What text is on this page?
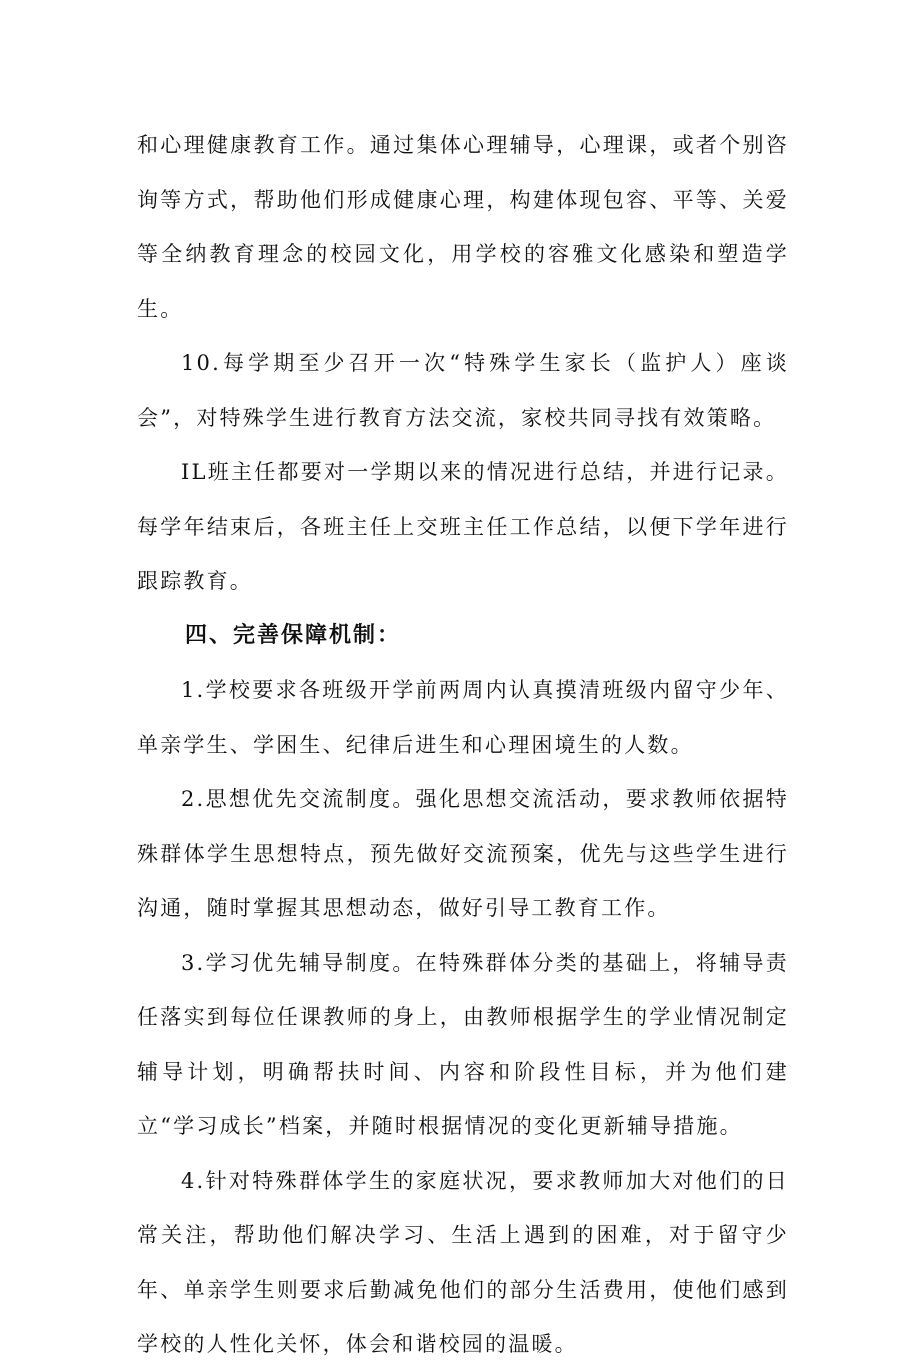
和心理健康教育工作。通过集体心理辅导，心理课，或者个别咨询等方式，帮助他们形成健康心理，构建体现包容、平等、关爱等全纳教育理念的校园文化，用学校的容雅文化感染和塑造学生。

10.每学期至少召开一次“特殊学生家长（监护人）座谈会”，对特殊学生进行教育方法交流，家校共同寻找有效策略。

IL班主任都要对一学期以来的情况进行总结，并进行记录。每学年结束后，各班主任上交班主任工作总结，以便下学年进行跟踪教育。

四、完善保障机制：

1.学校要求各班级开学前两周内认真摸清班级内留守少年、单亲学生、学困生、纪律后进生和心理困境生的人数。

2.思想优先交流制度。强化思想交流活动，要求教师依据特殊群体学生思想特点，预先做好交流预案，优先与这些学生进行沟通，随时掌握其思想动态，做好引导工教育工作。

3.学习优先辅导制度。在特殊群体分类的基础上，将辅导责任落实到每位任课教师的身上，由教师根据学生的学业情况制定辅导计划，明确帮扶时间、内容和阶段性目标，并为他们建立“学习成长”档案，并随时根据情况的变化更新辅导措施。

4.针对特殊群体学生的家庭状况，要求教师加大对他们的日常关注，帮助他们解决学习、生活上遇到的困难，对于留守少年、单亲学生则要求后勤减免他们的部分生活费用，使他们感到学校的人性化关怀，体会和谐校园的温暖。
